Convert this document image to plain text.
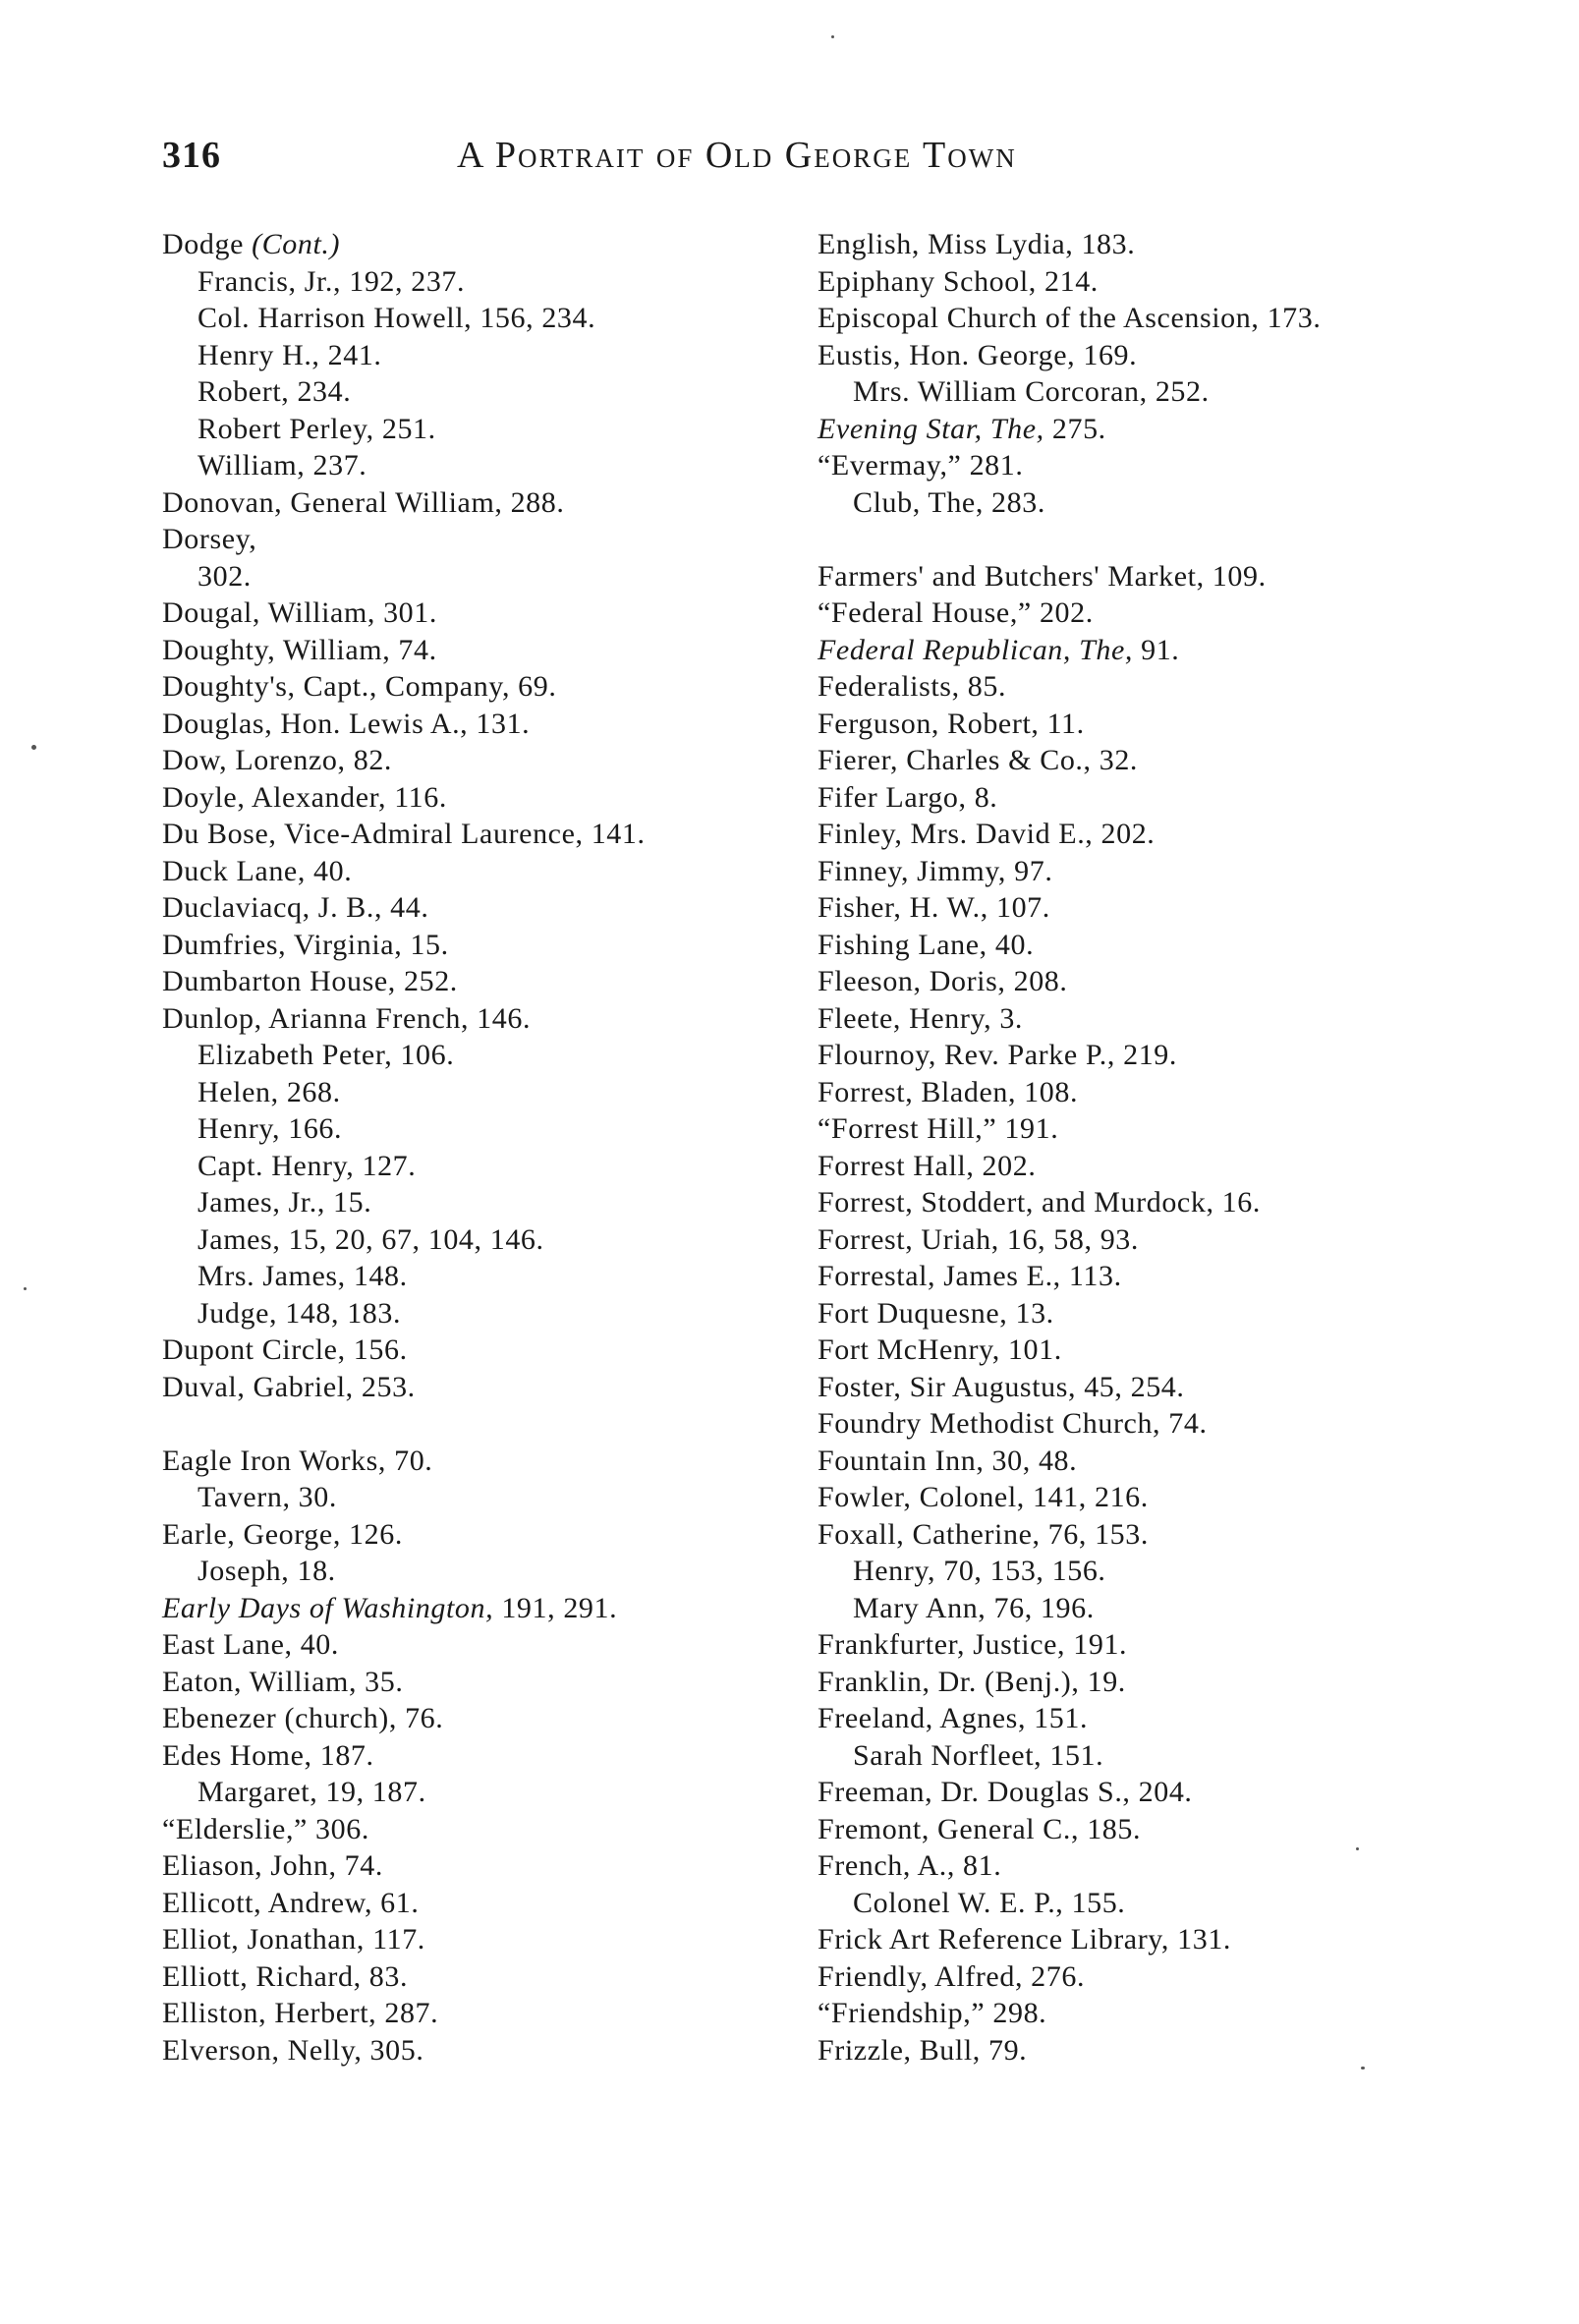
316	A Portrait of Old George Town
Dodge (Cont.)
Francis, Jr., 192, 237.
Col. Harrison Howell, 156, 234.
Henry H., 241.
Robert, 234.
Robert Perley, 251.
William, 237.
Donovan, General William, 288.
Dorsey,
302.
Dougal, William, 301.
Doughty, William, 74.
Doughty's, Capt., Company, 69.
Douglas, Hon. Lewis A., 131.
Dow, Lorenzo, 82.
Doyle, Alexander, 116.
Du Bose, Vice-Admiral Laurence, 141.
Duck Lane, 40.
Duclaviacq, J. B., 44.
Dumfries, Virginia, 15.
Dumbarton House, 252.
Dunlop, Arianna French, 146.
Elizabeth Peter, 106.
Helen, 268.
Henry, 166.
Capt. Henry, 127.
James, Jr., 15.
James, 15, 20, 67, 104, 146.
Mrs. James, 148.
Judge, 148, 183.
Dupont Circle, 156.
Duval, Gabriel, 253.
Eagle Iron Works, 70.
Tavern, 30.
Earle, George, 126.
Joseph, 18.
Early Days of Washington, 191, 291.
East Lane, 40.
Eaton, William, 35.
Ebenezer (church), 76.
Edes Home, 187.
Margaret, 19, 187.
“Elderslie,” 306.
Eliason, John, 74.
Ellicott, Andrew, 61.
Elliot, Jonathan, 117.
Elliott, Richard, 83.
Elliston, Herbert, 287.
Elverson, Nelly, 305.
English, Miss Lydia, 183.
Epiphany School, 214.
Episcopal Church of the Ascension, 173.
Eustis, Hon. George, 169.
Mrs. William Corcoran, 252.
Evening Star, The, 275.
“Evermay,” 281.
Club, The, 283.
Farmers' and Butchers' Market, 109.
“Federal House,” 202.
Federal Republican, The, 91.
Federalists, 85.
Ferguson, Robert, 11.
Fierer, Charles & Co., 32.
Fifer Largo, 8.
Finley, Mrs. David E., 202.
Finney, Jimmy, 97.
Fisher, H. W., 107.
Fishing Lane, 40.
Fleeson, Doris, 208.
Fleete, Henry, 3.
Flournoy, Rev. Parke P., 219.
Forrest, Bladen, 108.
“Forrest Hill,” 191.
Forrest Hall, 202.
Forrest, Stoddert, and Murdock, 16.
Forrest, Uriah, 16, 58, 93.
Forrestal, James E., 113.
Fort Duquesne, 13.
Fort McHenry, 101.
Foster, Sir Augustus, 45, 254.
Foundry Methodist Church, 74.
Fountain Inn, 30, 48.
Fowler, Colonel, 141, 216.
Foxall, Catherine, 76, 153.
Henry, 70, 153, 156.
Mary Ann, 76, 196.
Frankfurter, Justice, 191.
Franklin, Dr. (Benj.), 19.
Freeland, Agnes, 151.
Sarah Norfleet, 151.
Freeman, Dr. Douglas S., 204.
Fremont, General C., 185.
French, A., 81.
Colonel W. E. P., 155.
Frick Art Reference Library, 131.
Friendly, Alfred, 276.
“Friendship,” 298.
Frizzle, Bull, 79.
